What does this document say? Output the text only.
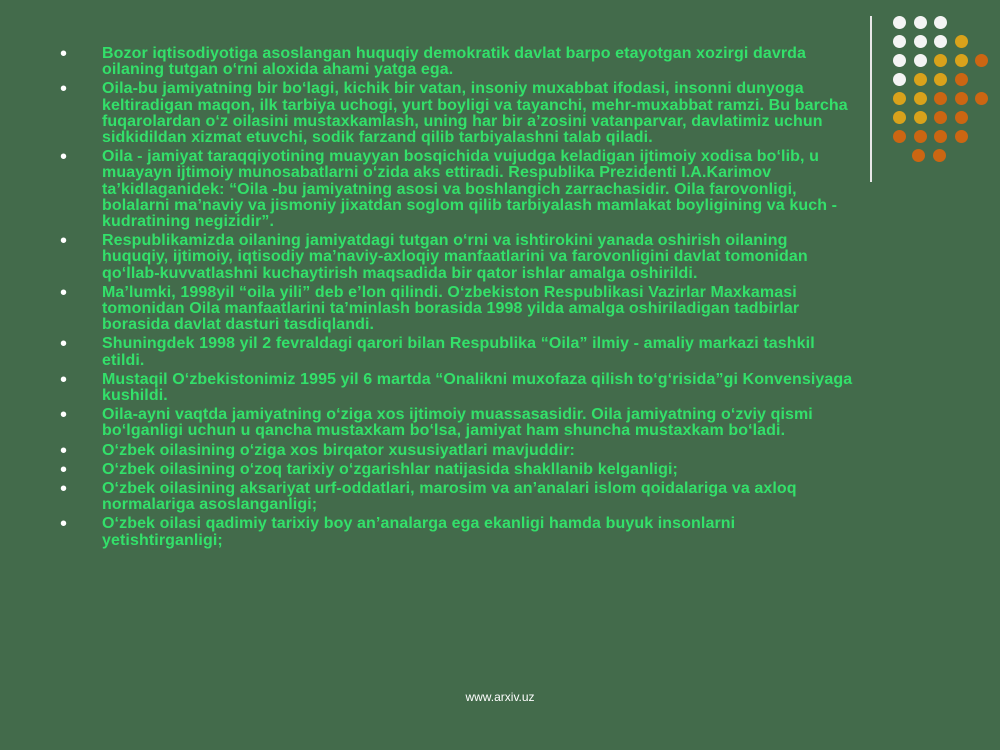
•	Bozor iqtisodiyotiga asoslangan huquqiy demokratik davlat barpo etayotgan xozirgi davrda oilaning tutgan o‘rni aloxida ahami yatga ega.
•	Oila-bu jamiyatning bir bo‘lagi, kichik bir vatan, insoniy muxabbat ifodasi, insonni dunyoga keltiradigan maqon, ilk tarbiya uchogi, yurt boyligi va tayanchi, mehr-muxabbat ramzi. Bu barcha fuqarolardan o‘z oilasini mustaxkamlash, uning har bir a’zosini vatanparvar, davlatimiz uchun sidkidildan xizmat etuvchi, sodik farzand qilib tarbiyalashni talab qiladi.
•	Oila - jamiyat taraqqiyotining muayyan bosqichida vujudga keladigan ijtimoiy xodisa bo‘lib, u muayayn ijtimoiy munosabatlarni o‘zida aks ettiradi. Respublika Prezidenti I.A.Karimov ta’kidlaganidek: “Oila -bu jamiyatning asosi va boshlangich zarrachasidir. Oila farovonligi, bolalarni ma’naviy va jismoniy jixatdan soglom qilib tarbiyalash mamlakat boyligining va kuch - kudratining negizidir”.
•	Respublikamizda oilaning jamiyatdagi tutgan o‘rni va ishtirokini yanada oshirish oilaning huquqiy, ijtimoiy, iqtisodiy ma’naviy-axloqiy manfaatlarini va farovonligini davlat tomonidan qo‘llab-kuvvatlashni kuchaytirish maqsadida bir qator ishlar amalga oshirildi.
•	Ma’lumki, 1998yil “oila yili” deb e’lon qilindi. O‘zbekiston Respublikasi Vazirlar Maxkamasi tomonidan Oila manfaatlarini ta’minlash borasida 1998 yilda amalga oshiriladigan tadbirlar borasida davlat dasturi tasdiqlandi.
•	Shuningdek 1998 yil 2 fevraldagi qarori bilan Respublika “Oila” ilmiy - amaliy markazi tashkil etildi.
•	Mustaqil O‘zbekistonimiz 1995 yil 6 martda “Onalikni muxofaza qilish to‘g‘risida”gi Konvensiyaga kushildi.
•	Oila-ayni vaqtda jamiyatning o‘ziga xos ijtimoiy muassasasidir. Oila jamiyatning o‘zviy qismi bo‘lganligi uchun u qancha mustaxkam bo‘lsa, jamiyat ham shuncha mustaxkam bo‘ladi.
•	O‘zbek oilasining o‘ziga xos birqator xususiyatlari mavjuddir:
•	O‘zbek oilasining o‘zoq tarixiy o‘zgarishlar natijasida shakllanib kelganligi;
•	O‘zbek oilasining aksariyat urf-oddatlari, marosim va an’analari islom qoidalariga va axloq normalariga asoslanganligi;
•	O‘zbek oilasi qadimiy tarixiy boy an’analarga ega ekanligi hamda buyuk insonlarni yetishtirganligi;
www.arxiv.uz
